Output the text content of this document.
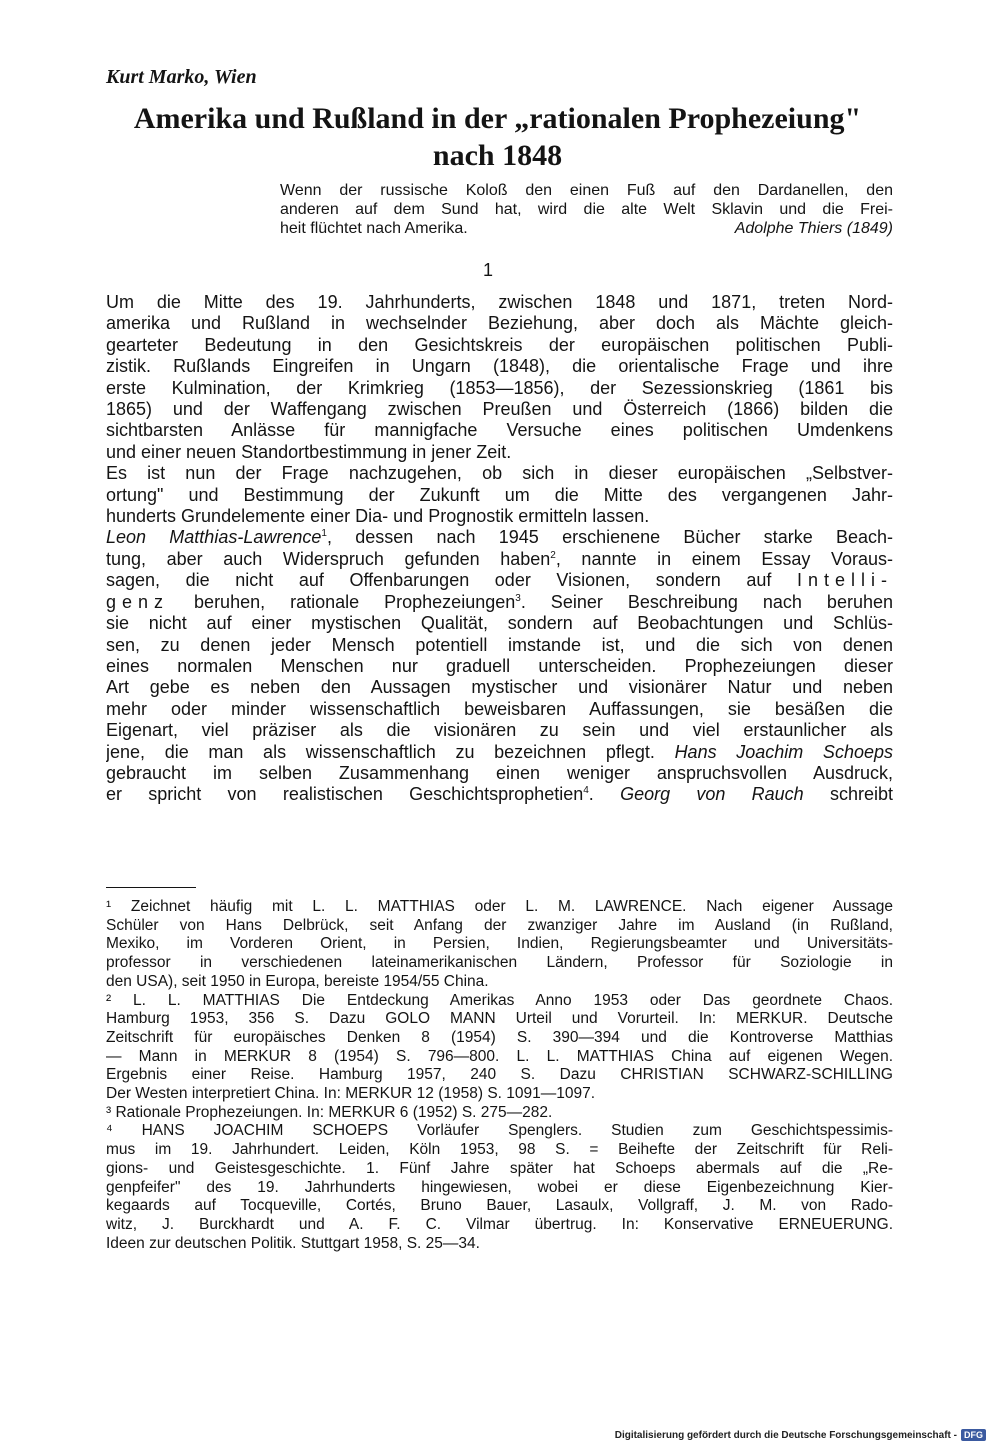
Kurt Marko, Wien

Amerika und Rußland in der „rationalen Prophezeiung"
nach 1848
Wenn der russische Koloß den einen Fuß auf den Dardanellen, den
anderen auf dem Sund hat, wird die alte Welt Sklavin und die Frei-
heit flüchtet nach Amerika.	Adolphe Thiers (1849)

1

Um die Mitte des 19. Jahrhunderts, zwischen 1848 und 1871, treten Nord-
amerika und Rußland in wechselnder Beziehung, aber doch als Mächte gleich-
gearteter Bedeutung in den Gesichtskreis der europäischen politischen Publi-
zistik. Rußlands Eingreifen in Ungarn (1848), die orientalische Frage und ihre
erste Kulmination, der Krimkrieg (1853—1856), der Sezessionskrieg (1861 bis
1865) und der Waffengang zwischen Preußen und Österreich (1866) bilden die
sichtbarsten Anlässe für mannigfache Versuche eines politischen Umdenkens
und einer neuen Standortbestimmung in jener Zeit.
Es ist nun der Frage nachzugehen, ob sich in dieser europäischen „Selbstver-
ortung" und Bestimmung der Zukunft um die Mitte des vergangenen Jahr-
hunderts Grundelemente einer Dia- und Prognostik ermitteln lassen.
Leon Matthias-Lawrence$^1$, dessen nach 1945 erschienene Bücher starke Beach-
tung, aber auch Widerspruch gefunden haben$^2$, nannte in einem Essay Voraus-
sagen, die nicht auf Offenbarungen oder Visionen, sondern auf Intelli-
genz beruhen, rationale Prophezeiungen$^3$. Seiner Beschreibung nach beruhen
sie nicht auf einer mystischen Qualität, sondern auf Beobachtungen und Schlüs-
sen, zu denen jeder Mensch potentiell imstande ist, und die sich von denen
eines normalen Menschen nur graduell unterscheiden. Prophezeiungen dieser
Art gebe es neben den Aussagen mystischer und visionärer Natur und neben
mehr oder minder wissenschaftlich beweisbaren Auffassungen, sie besäßen die
Eigenart, viel präziser als die visionären zu sein und viel erstaunlicher als
jene, die man als wissenschaftlich zu bezeichnen pflegt. Hans Joachim Schoeps
gebraucht im selben Zusammenhang einen weniger anspruchsvollen Ausdruck,
er spricht von realistischen Geschichtsprophetien$^4$. Georg von Rauch schreibt
¹ Zeichnet häufig mit L. L. MATTHIAS oder L. M. LAWRENCE. Nach eigener Aussage
Schüler von Hans Delbrück, seit Anfang der zwanziger Jahre im Ausland (in Rußland,
Mexiko, im Vorderen Orient, in Persien, Indien, Regierungsbeamter und Universitäts-
professor in verschiedenen lateinamerikanischen Ländern, Professor für Soziologie in
den USA), seit 1950 in Europa, bereiste 1954/55 China.
² L. L. MATTHIAS Die Entdeckung Amerikas Anno 1953 oder Das geordnete Chaos.
Hamburg 1953, 356 S. Dazu GOLO MANN Urteil und Vorurteil. In: MERKUR. Deutsche
Zeitschrift für europäisches Denken 8 (1954) S. 390—394 und die Kontroverse Matthias
— Mann in MERKUR 8 (1954) S. 796—800. L. L. MATTHIAS China auf eigenen Wegen.
Ergebnis einer Reise. Hamburg 1957, 240 S. Dazu CHRISTIAN SCHWARZ-SCHILLING
Der Westen interpretiert China. In: MERKUR 12 (1958) S. 1091—1097.
³ Rationale Prophezeiungen. In: MERKUR 6 (1952) S. 275—282.
⁴ HANS JOACHIM SCHOEPS Vorläufer Spenglers. Studien zum Geschichtspessimis-
mus im 19. Jahrhundert. Leiden, Köln 1953, 98 S. = Beihefte der Zeitschrift für Reli-
gions- und Geistesgeschichte. 1. Fünf Jahre später hat Schoeps abermals auf die „Re-
genpfeifer" des 19. Jahrhunderts hingewiesen, wobei er diese Eigenbezeichnung Kier-
kegaards auf Tocqueville, Cortés, Bruno Bauer, Lasaulx, Vollgraff, J. M. von Rado-
witz, J. Burckhardt und A. F. C. Vilmar übertrug. In: Konservative ERNEUERUNG.
Ideen zur deutschen Politik. Stuttgart 1958, S. 25—34.
Digitalisierung gefördert durch die Deutsche Forschungsgemeinschaft - DFG
